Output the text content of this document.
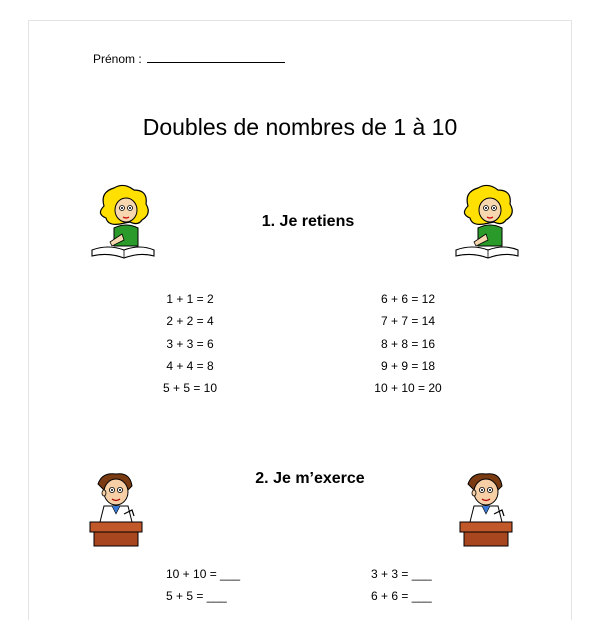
Prénom :
Doubles de nombres de 1 à 10
1. Je retiens
1 + 1 = 2
2 + 2 = 4
3 + 3 = 6
4 + 4 = 8
5 + 5 = 10
6 + 6 = 12
7 + 7 = 14
8 + 8 = 16
9 + 9 = 18
10 + 10 = 20
2. Je m’exerce
10 + 10 = ___
5 + 5 = ___
3 + 3 = ___
6 + 6 = ___
